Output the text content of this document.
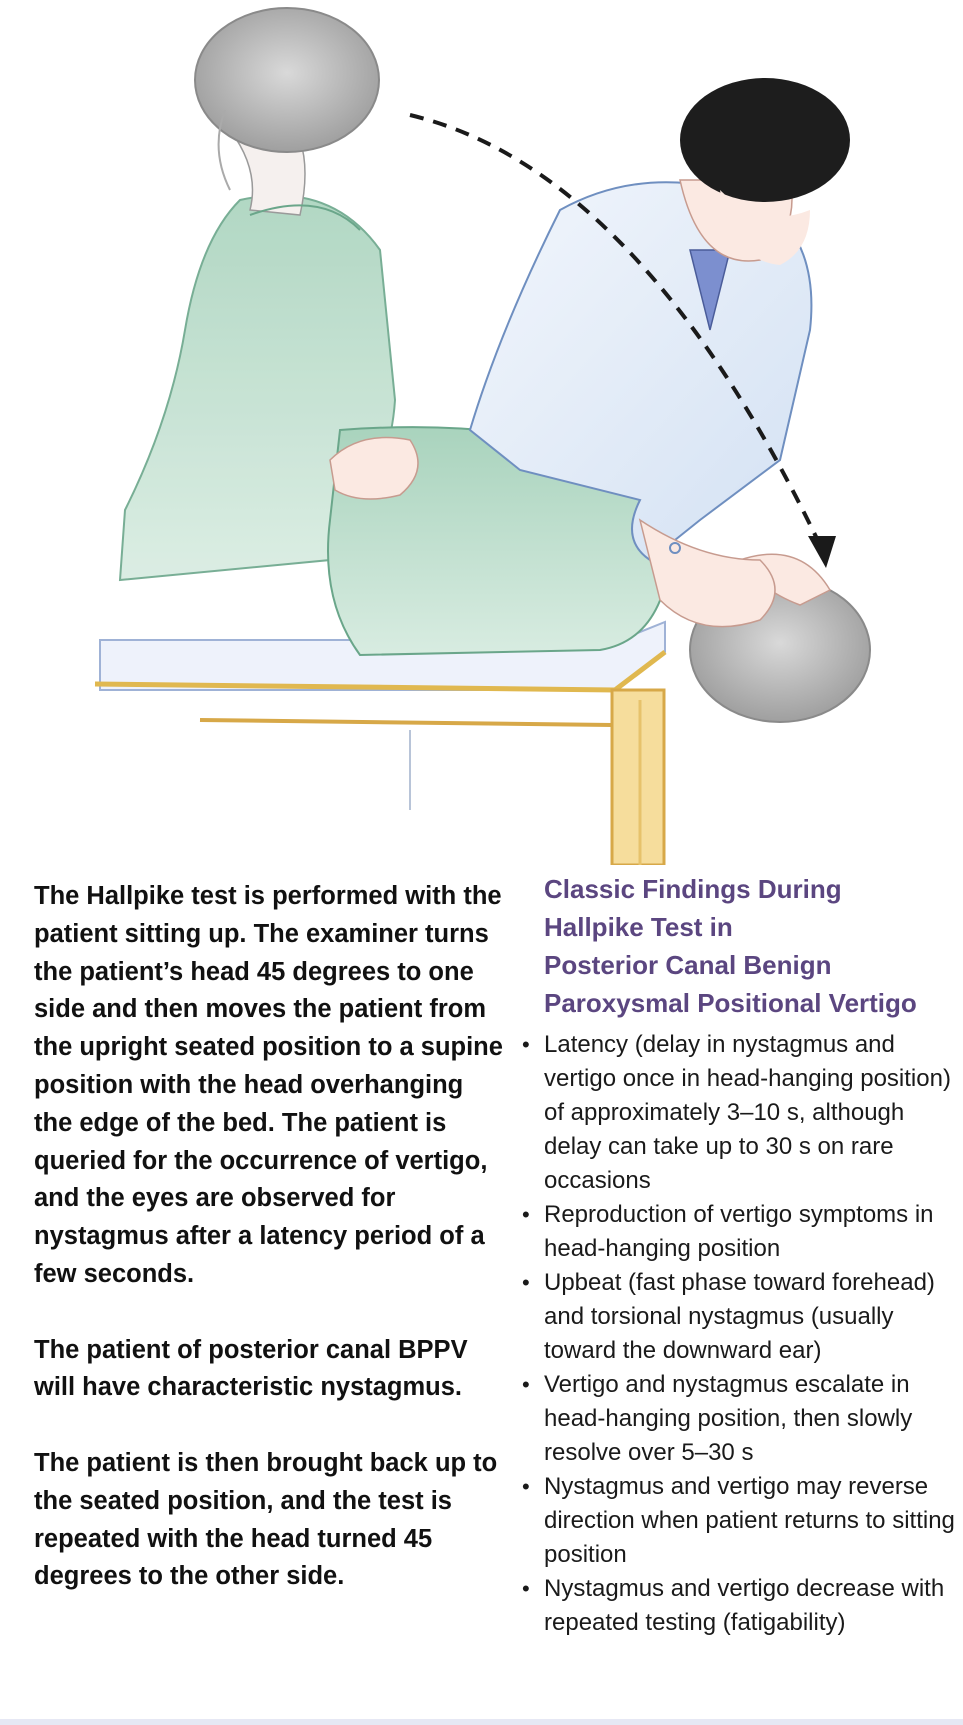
The Hallpike test is performed with the patient sitting up. The examiner turns the patient’s head 45 degrees to one side and then moves the patient from the upright seated position to a supine position with the head overhanging the edge of the bed. The patient is queried for the occurrence of vertigo, and the eyes are observed for nystagmus after a latency period of a few seconds.

The patient of posterior canal BPPV will have characteristic nystagmus.

The patient is then brought back up to the seated position, and the test is repeated with the head turned 45 degrees to the other side.

Classic Findings During
Hallpike Test in
Posterior Canal Benign
Paroxysmal Positional Vertigo
• Latency (delay in nystagmus and vertigo once in head-hanging position) of approximately 3–10 s, although delay can take up to 30 s on rare occasions
• Reproduction of vertigo symptoms in head-hanging position
• Upbeat (fast phase toward forehead) and torsional nystagmus (usually toward the downward ear)
• Vertigo and nystagmus escalate in head-hanging position, then slowly resolve over 5–30 s
• Nystagmus and vertigo may reverse direction when patient returns to sitting position
• Nystagmus and vertigo decrease with repeated testing (fatigability)
